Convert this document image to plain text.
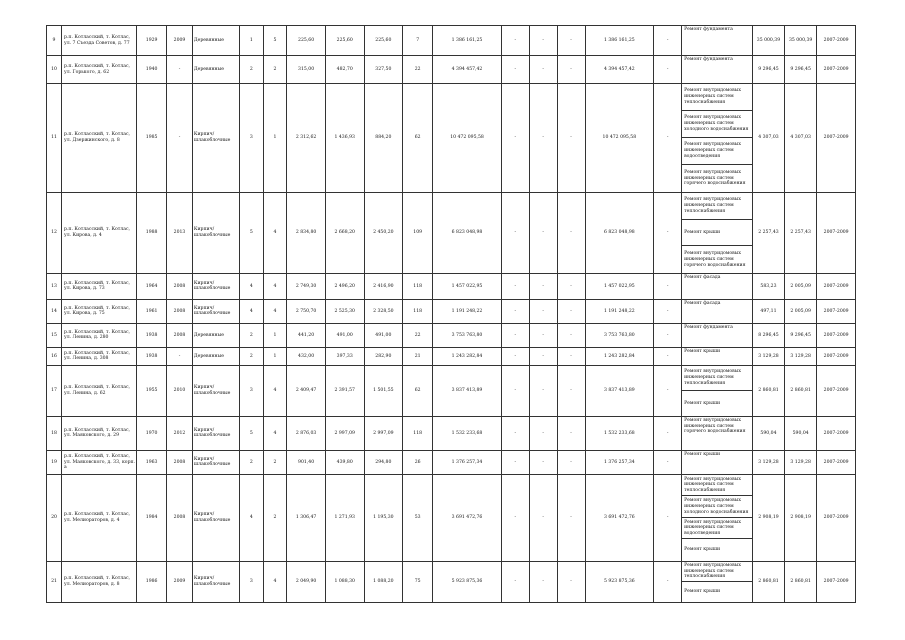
9	р.п. Котласский, т. Котлас, ул. 7 Съезда Советов, д. 77	1929	2009	Деревянные	1	5	225,60	225,60	225,60	7	1 386 161,25	-	-	-	1 386 161,25	-	Ремонт фундамента	35 000,39	35 000,39	2007-2009
10	р.п. Котласский, т. Котлас, ул. Горького, д. 62	1940	-	Деревянные	2	2	315,00	482,70	327,50	22	4 394 457,42	-	-	-	4 394 457,42	-	Ремонт фундамента	9 296,45	9 296,45	2007-2009
11	р.п. Котласский, т. Котлас, ул. Дзержинского, д. 8	1985	-	Кирпич/ шлакоблочные	3	1	2 312,62	1 436,93	884,20	62	10 472 095,58	-	-	-	10 472 095,58	-	Ремонт внутридомовых инженерных систем теплоснабжения
Ремонт внутридомовых инженерных систем холодного водоснабжения
Ремонт внутридомовых инженерных систем водоотведения
Ремонт внутридомовых инженерных систем горячего водоснабжения	4 307,03	4 307,03	2007-2009
12	р.п. Котласский, т. Котлас, ул. Кирова, д. 4	1988	2013	Кирпич/ шлакоблочные	5	4	2 834,80	2 668,20	2 450,20	109	6 823 048,98	-	-	-	6 823 048,98	-	Ремонт внутридомовых инженерных систем теплоснабжения
Ремонт крыши
Ремонт внутридомовых инженерных систем горячего водоснабжения	2 257,43	2 257,43	2007-2009
13	р.п. Котласский, т. Котлас, ул. Кирова, д. 73	1964	2008	Кирпич/ шлакоблочные	4	4	2 749,30	2 496,20	2 416,90	118	1 457 022,95	-	-	-	1 457 022,95	-	Ремонт фасада	583,23	2 005,09	2007-2009
14	р.п. Котласский, т. Котлас, ул. Кирова, д. 75	1961	2008	Кирпич/ шлакоблочные	4	4	2 750,70	2 525,30	2 328,50	118	1 191 248,22	-	-	-	1 191 248,22	-	Ремонт фасада	497,11	2 005,09	2007-2009
15	р.п. Котласский, т. Котлас, ул. Ленина, д. 280	1938	2008	Деревянные	2	1	441,20	491,00	491,00	22	3 753 763,80	-	-	-	3 753 763,80	-	Ремонт фундамента	8 296,45	9 296,45	2007-2009
16	р.п. Котласский, т. Котлас, ул. Ленина, д. 308	1938	-	Деревянные	2	1	432,00	397,33	282,90	21	1 243 282,84	-	-	-	1 243 282,84	-	Ремонт крыши	3 129,28	3 129,28	2007-2009
17	р.п. Котласский, т. Котлас, ул. Ленина, д. 62	1955	2010	Кирпич/ шлакоблочные	3	4	2 409,47	2 391,57	1 501,55	62	3 837 413,89	-	-	-	3 837 413,89	-	Ремонт внутридомовых инженерных систем теплоснабжения
Ремонт крыши	2 860,81	2 860,81	2007-2009
18	р.п. Котласский, т. Котлас, ул. Маяковского, д. 29	1970	2012	Кирпич/ шлакоблочные	5	4	2 876,03	2 997,09	2 997,09	118	1 532 233,68	-	-	-	1 532 233,68	-	Ремонт внутридомовых инженерных систем горячего водоснабжения	590,04	590,04	2007-2009
19	р.п. Котласский, т. Котлас, ул. Маяковского, д. 33, корп. а	1963	2008	Кирпич/ шлакоблочные	2	2	901,40	439,80	294,80	26	1 376 257,34	-	-	-	1 376 257,34	-	Ремонт крыши	3 129,28	3 129,28	2007-2009
20	р.п. Котласский, т. Котлас, ул. Мелиораторов, д. 4	1984	2008	Кирпич/ шлакоблочные	4	2	1 306,47	1 271,93	1 195,30	53	3 691 472,76	-	-	-	3 691 472,76	-	Ремонт внутридомовых инженерных систем теплоснабжения
Ремонт внутридомовых инженерных систем холодного водоснабжения
Ремонт внутридомовых инженерных систем водоотведения
Ремонт крыши	2 908,19	2 908,19	2007-2009
21	р.п. Котласский, т. Котлас, ул. Мелиораторов, д. 8	1986	2009	Кирпич/ шлакоблочные	3	4	2 049,90	1 088,30	1 088,20	75	5 923 875,36	-	-	-	5 923 875,36	-	Ремонт внутридомовых инженерных систем теплоснабжения
Ремонт крыши	2 860,81	2 860,81	2007-2009
